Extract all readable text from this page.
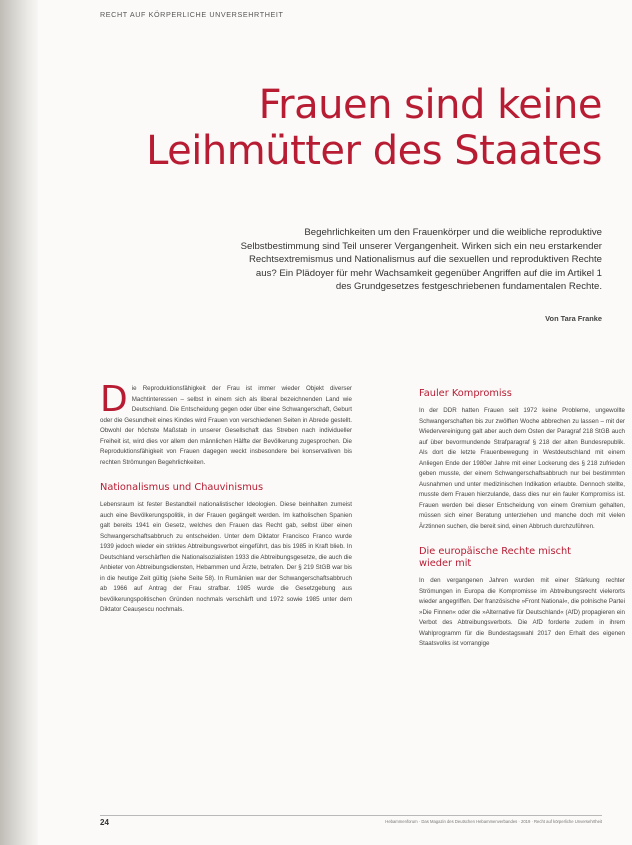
RECHT AUF KÖRPERLICHE UNVERSEHRTHEIT

Frauen sind keine
Leihmütter des Staates
Begehrlichkeiten um den Frauenkörper und die weibliche reproduktive
Selbstbestimmung sind Teil unserer Vergangenheit. Wirken sich ein neu erstarkender
Rechtsextremismus und Nationalismus auf die sexuellen und reproduktiven Rechte
aus? Ein Plädoyer für mehr Wachsamkeit gegenüber Angriffen auf die im Artikel 1
des Grundgesetzes festgeschriebenen fundamentalen Rechte.
Von Tara Franke

Die Reproduktionsfähigkeit der Frau ist immer wieder Objekt diverser Machtinteressen – selbst in einem sich als liberal bezeichnenden Land wie Deutschland. Die Entscheidung gegen oder über eine Schwangerschaft, Geburt oder die Gesundheit eines Kindes wird Frauen von verschiedenen Seiten in Abrede gestellt. Obwohl der höchste Maßstab in unserer Gesellschaft das Streben nach individueller Freiheit ist, wird dies vor allem den männlichen Hälfte der Bevölkerung zugesprochen. Die Reproduktionsfähigkeit von Frauen dagegen weckt insbesondere bei konservativen bis rechten Strömungen Begehrlichkeiten.

Nationalismus und Chauvinismus

Lebensraum ist fester Bestandteil nationalistischer Ideologien. Diese beinhalten zumeist auch eine Bevölkerungspolitik, in der Frauen gegängelt werden. Im katholischen Spanien galt bereits 1941 ein Gesetz, welches den Frauen das Recht gab, selbst über einen Schwangerschaftsabbruch zu entscheiden. Unter dem Diktator Francisco Franco wurde 1939 jedoch wieder ein striktes Abtreibungsverbot eingeführt, das bis 1985 in Kraft blieb. In Deutschland verschärften die Nationalsozialisten 1933 die Abtreibungsgesetze, die auch die Anbieter von Abtreibungsdiensten, Hebammen und Ärzte, betrafen. Der § 219 StGB war bis in die heutige Zeit gültig (siehe Seite 58). In Rumänien war der Schwangerschaftsabbruch ab 1966 auf Antrag der Frau strafbar. 1985 wurde die Gesetzgebung aus bevölkerungspolitischen Gründen nochmals verschärft und 1972 sowie 1985 unter dem Diktator Ceaușescu nochmals.

Fauler Kompromiss

In der DDR hatten Frauen seit 1972 keine Probleme, ungewollte Schwangerschaften bis zur zwölften Woche abbrechen zu lassen – mit der Wiedervereinigung galt aber auch dem Osten der Paragraf 218 StGB auch auf über bevormundende Strafparagraf § 218 der alten Bundesrepublik. Als dort die letzte Frauenbewegung in Westdeutschland mit einem Anliegen Ende der 1980er Jahre mit einer Lockerung des § 218 zufrieden geben musste, der einem Schwangerschaftsabbruch nur bei bestimmten Ausnahmen und unter medizinischen Indikation erlaubte. Dennoch stellte, musste dem Frauen hierzulande, dass dies nur ein fauler Kompromiss ist. Frauen werden bei dieser Entscheidung von einem Gremium gehalten, müssen sich einer Beratung unterziehen und manche doch mit vielen Ärztinnen suchen, die bereit sind, einen Abbruch durchzuführen.

Die europäische Rechte mischt
wieder mit

In den vergangenen Jahren wurden mit einer Stärkung rechter Strömungen in Europa die Kompromisse im Abtreibungsrecht vielerorts wieder angegriffen. Der französische »Front National«, die polnische Partei »Die Finnen« oder die »Alternative für Deutschland« (AfD) propagieren ein Verbot des Abtreibungsverbots. Die AfD forderte zudem in ihrem Wahlprogramm für die Bundestagswahl 2017 den Erhalt des eigenen Staatsvolks ist vorrangige

24	Hebammenforum · Das Magazin des Deutschen Hebammenverbandes · 2019 · Recht auf körperliche Unversehrtheit
